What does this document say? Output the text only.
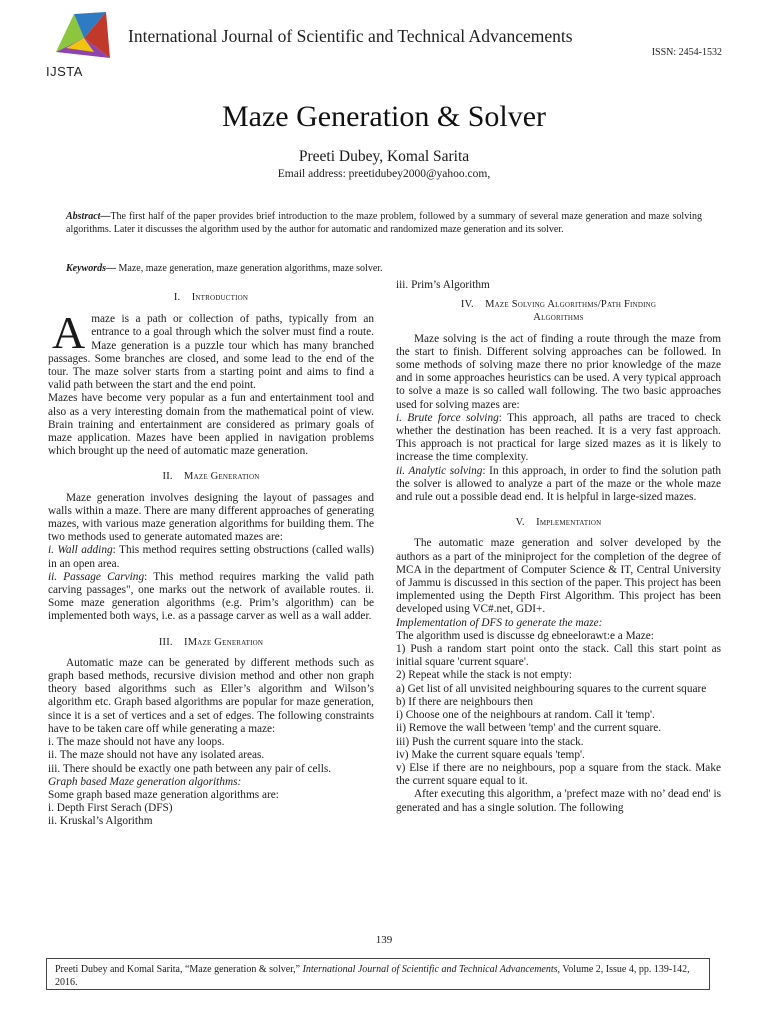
IJSTA
International Journal of Scientific and Technical Advancements
ISSN: 2454-1532
Maze Generation & Solver
Preeti Dubey, Komal Sarita
Email address: preetidubey2000@yahoo.com,
Abstract—The first half of the paper provides brief introduction to the maze problem, followed by a summary of several maze generation and maze solving algorithms. Later it discusses the algorithm used by the author for automatic and randomized maze generation and its solver.
Keywords— Maze, maze generation, maze generation algorithms, maze solver.

I. Introduction

Amaze is a path or collection of paths, typically from an entrance to a goal through which the solver must find a route. Maze generation is a puzzle tour which has many branched passages. Some branches are closed, and some lead to the end of the tour. The maze solver starts from a starting point and aims to find a valid path between the start and the end point.

Mazes have become very popular as a fun and entertainment tool and also as a very interesting domain from the mathematical point of view. Brain training and entertainment are considered as primary goals of maze application. Mazes have been applied in navigation problems which brought up the need of automatic maze generation.

II. Maze Generation

Maze generation involves designing the layout of passages and walls within a maze. There are many different approaches of generating mazes, with various maze generation algorithms for building them. The two methods used to generate automated mazes are:

i. Wall adding: This method requires setting obstructions (called walls) in an open area.

ii. Passage Carving: This method requires marking the valid path carving passages", one marks out the network of available routes. ii. Some maze generation algorithms (e.g. Prim’s algorithm) can be implemented both ways, i.e. as a passage carver as well as a wall adder.

III. IMaze Generation

Automatic maze can be generated by different methods such as graph based methods, recursive division method and other non graph theory based algorithms such as Eller’s algorithm and Wilson’s algorithm etc. Graph based algorithms are popular for maze generation, since it is a set of vertices and a set of edges. The following constraints have to be taken care off while generating a maze:

i. The maze should not have any loops.

ii. The maze should not have any isolated areas.

iii. There should be exactly one path between any pair of cells.

Graph based Maze generation algorithms:

Some graph based maze generation algorithms are:

i. Depth First Serach (DFS)

ii. Kruskal’s Algorithm

iii. Prim’s Algorithm

IV. Maze Solving Algorithms/Path Finding

Algorithms

Maze solving is the act of finding a route through the maze from the start to finish. Different solving approaches can be followed. In some methods of solving maze there no prior knowledge of the maze and in some approaches heuristics can be used. A very typical approach to solve a maze is so called wall following. The two basic approaches used for solving mazes are:

i. Brute force solving: This approach, all paths are traced to check whether the destination has been reached. It is a very fast approach. This approach is not practical for large sized mazes as it is likely to increase the time complexity.

ii. Analytic solving: In this approach, in order to find the solution path the solver is allowed to analyze a part of the maze or the whole maze and rule out a possible dead end. It is helpful in large-sized mazes.

V. Implementation

The automatic maze generation and solver developed by the authors as a part of the miniproject for the completion of the degree of MCA in the department of Computer Science & IT, Central University of Jammu is discussed in this section of the paper. This project has been implemented using the Depth First Algorithm. This project has been developed using VC#.net, GDI+.

Implementation of DFS to generate the maze:

The algorithm used is discusse dg ebneelorawt:e a Maze:

1) Push a random start point onto the stack. Call this start point as initial square 'current square'.

2) Repeat while the stack is not empty:

a) Get list of all unvisited neighbouring squares to the current square

b) If there are neighbours then

i) Choose one of the neighbours at random. Call it 'temp'.

ii) Remove the wall between 'temp' and the current square.

iii) Push the current square into the stack.

iv) Make the current square equals 'temp'.

v) Else if there are no neighbours, pop a square from the stack. Make the current square equal to it.

After executing this algorithm, a 'prefect maze with no’ dead end' is generated and has a single solution. The following

139
Preeti Dubey and Komal Sarita, “Maze generation & solver,” International Journal of Scientific and Technical Advancements, Volume 2, Issue 4, pp. 139-142, 2016.
